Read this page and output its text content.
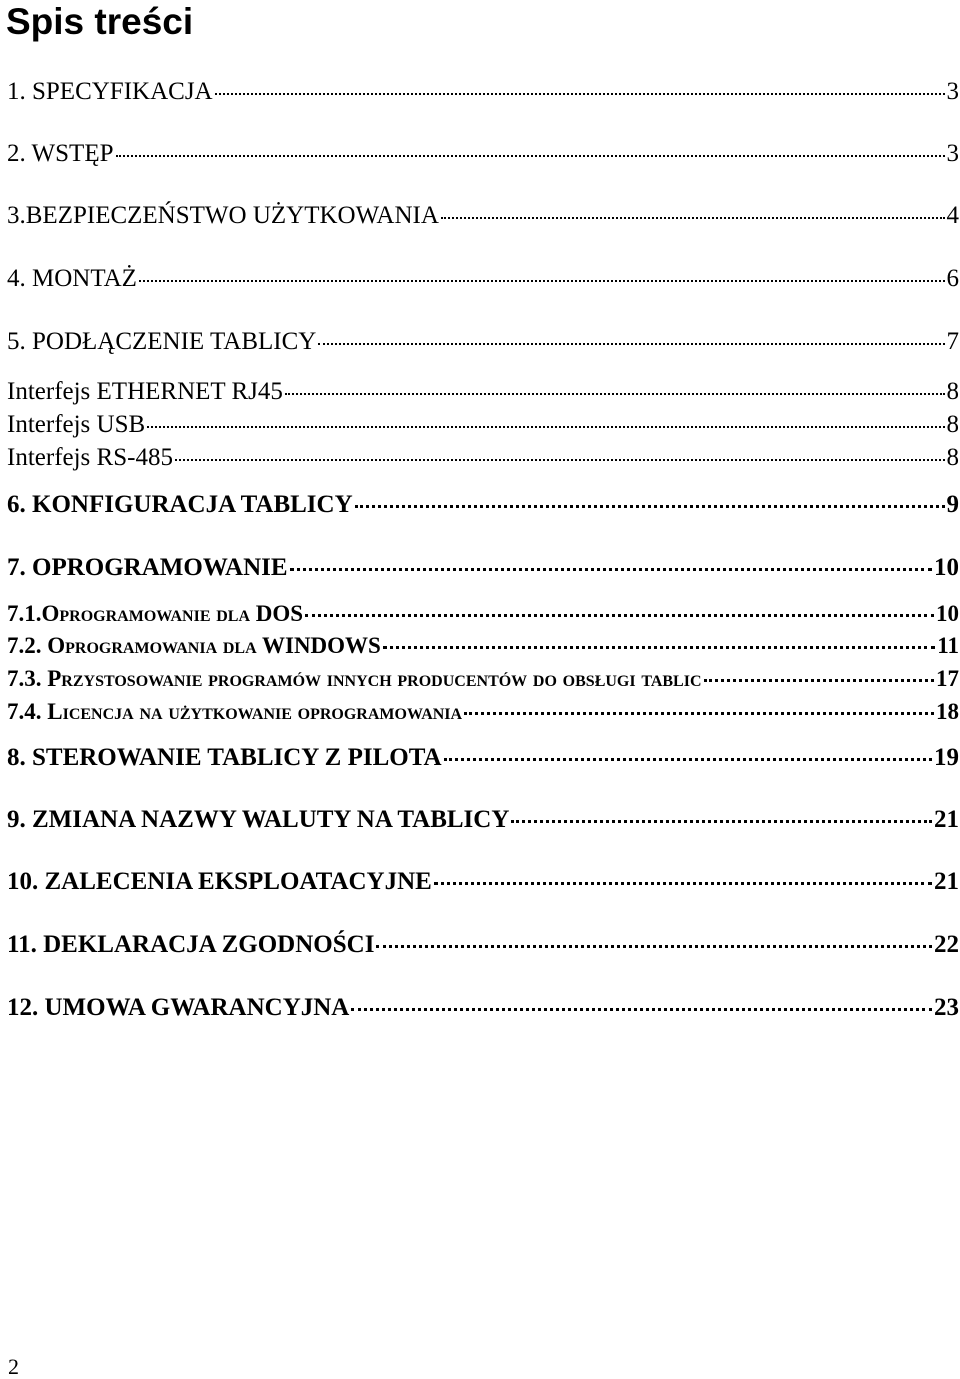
Spis treści
1. SPECYFIKACJA	3
2. WSTĘP	3
3.BEZPIECZEŃSTWO UŻYTKOWANIA	4
4. MONTAŻ	6
5. PODŁĄCZENIE TABLICY	7
Interfejs ETHERNET RJ45	8
Interfejs USB	8
Interfejs RS-485	8
6. KONFIGURACJA TABLICY	9
7. OPROGRAMOWANIE	10
7.1.Oprogramowanie dla DOS	10
7.2. Oprogramowania dla WINDOWS	11
7.3. Przystosowanie programów innych producentów do obsługi tablic	17
7.4. Licencja na użytkowanie oprogramowania	18
8. STEROWANIE TABLICY Z PILOTA	19
9. ZMIANA NAZWY WALUTY NA TABLICY	21
10. ZALECENIA EKSPLOATACYJNE	21
11. DEKLARACJA ZGODNOŚCI	22
12. UMOWA GWARANCYJNA	23
2
